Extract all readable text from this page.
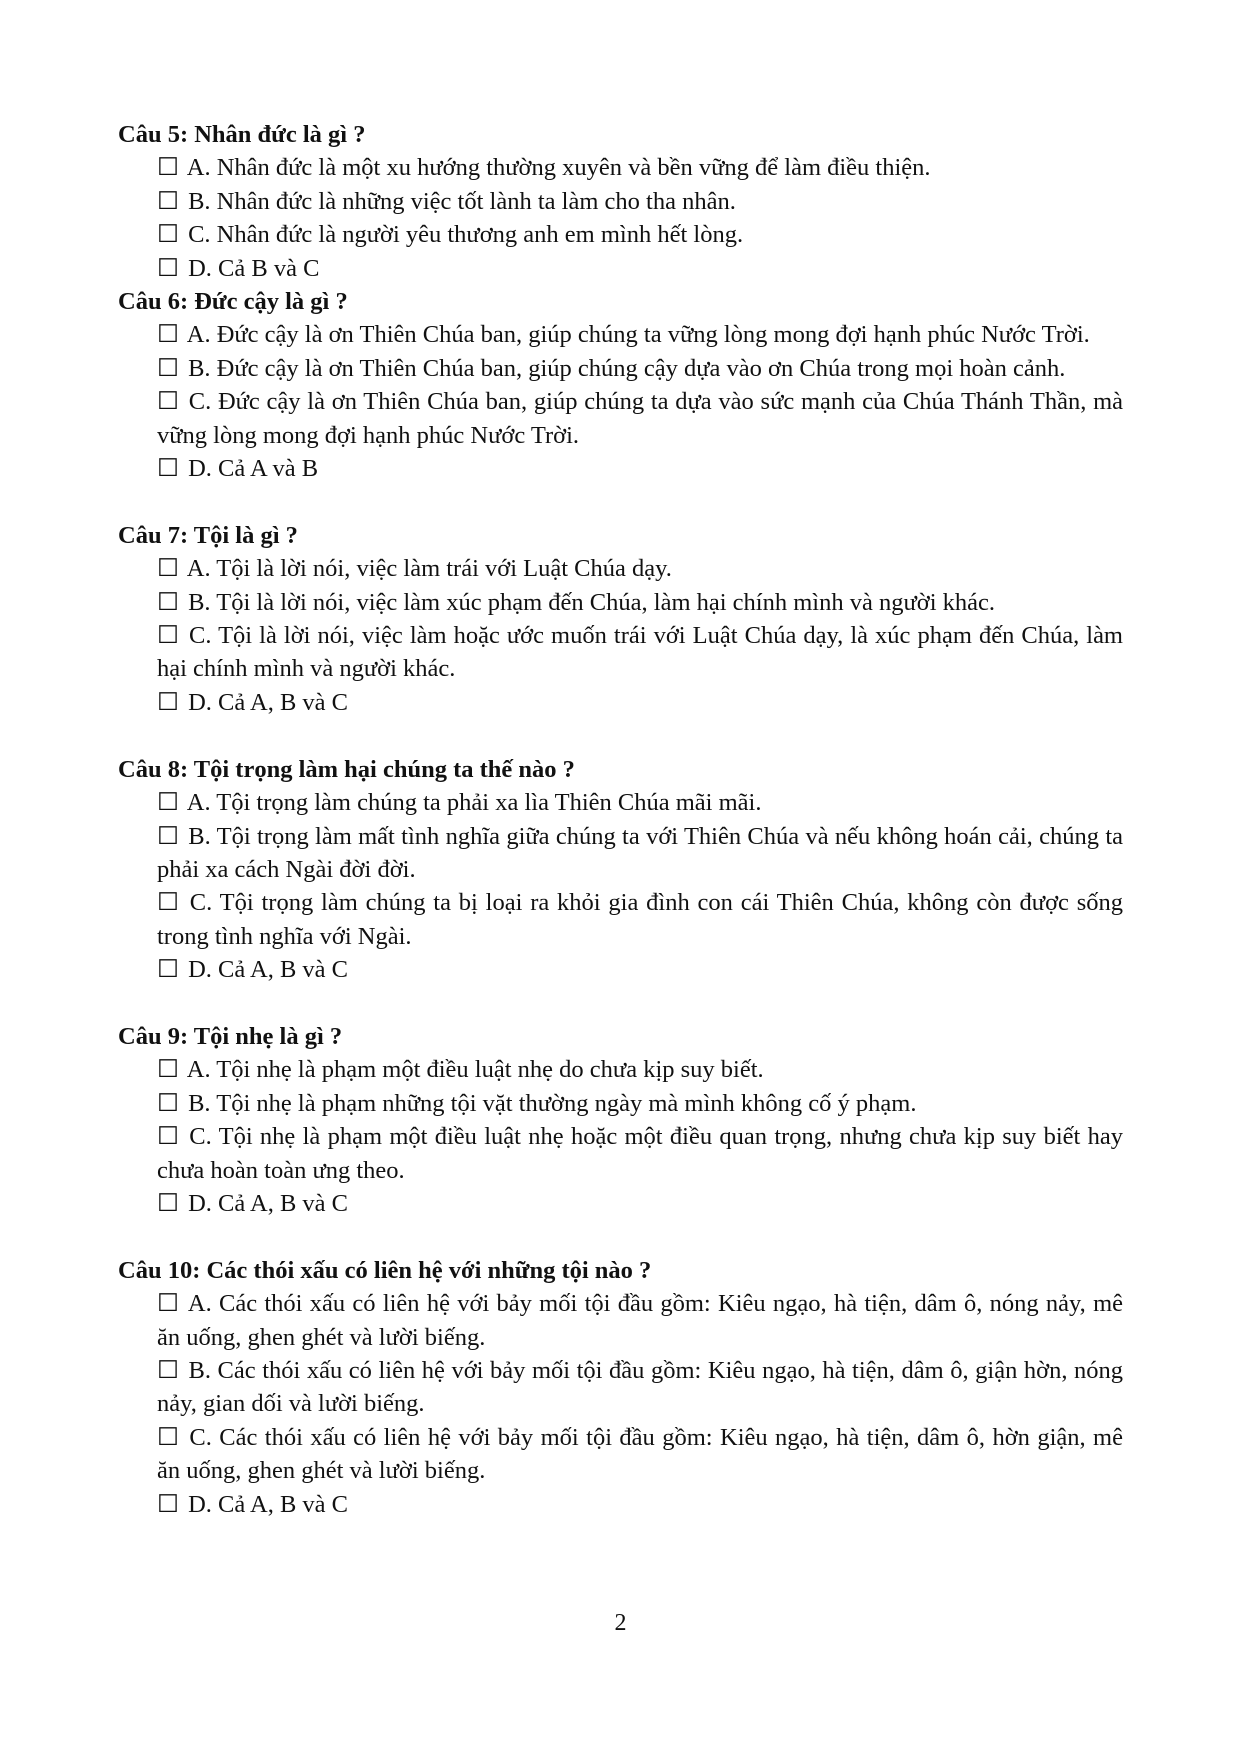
Câu 5: Nhân đức là gì ?

☐ A. Nhân đức là một xu hướng thường xuyên và bền vững để làm điều thiện.

☐ B. Nhân đức là những việc tốt lành ta làm cho tha nhân.

☐ C. Nhân đức là người yêu thương anh em mình hết lòng.

☐ D. Cả B và C

Câu 6: Đức cậy là gì ?

☐ A. Đức cậy là ơn Thiên Chúa ban, giúp chúng ta vững lòng mong đợi hạnh phúc Nước Trời.

☐ B. Đức cậy là ơn Thiên Chúa ban, giúp chúng cậy dựa vào ơn Chúa trong mọi hoàn cảnh.

☐ C. Đức cậy là ơn Thiên Chúa ban, giúp chúng ta dựa vào sức mạnh của Chúa Thánh Thần, mà vững lòng mong đợi hạnh phúc Nước Trời.

☐ D. Cả A và B

Câu 7: Tội là gì ?

☐ A. Tội là lời nói, việc làm trái với Luật Chúa dạy.

☐ B. Tội là lời nói, việc làm xúc phạm đến Chúa, làm hại chính mình và người khác.

☐ C. Tội là lời nói, việc làm hoặc ước muốn trái với Luật Chúa dạy, là xúc phạm đến Chúa, làm hại chính mình và người khác.

☐ D. Cả A, B và C

Câu 8: Tội trọng làm hại chúng ta thế nào ?

☐ A. Tội trọng làm chúng ta phải xa lìa Thiên Chúa mãi mãi.

☐ B. Tội trọng làm mất tình nghĩa giữa chúng ta với Thiên Chúa và nếu không hoán cải, chúng ta phải xa cách Ngài đời đời.

☐ C. Tội trọng làm chúng ta bị loại ra khỏi gia đình con cái Thiên Chúa, không còn được sống trong tình nghĩa với Ngài.

☐ D. Cả A, B và C

Câu 9: Tội nhẹ là gì ?

☐ A. Tội nhẹ là phạm một điều luật nhẹ do chưa kịp suy biết.

☐ B. Tội nhẹ là phạm những tội vặt thường ngày mà mình không cố ý phạm.

☐ C. Tội nhẹ là phạm một điều luật nhẹ hoặc một điều quan trọng, nhưng chưa kịp suy biết hay chưa hoàn toàn ưng theo.

☐ D. Cả A, B và C

Câu 10: Các thói xấu có liên hệ với những tội nào ?

☐ A. Các thói xấu có liên hệ với bảy mối tội đầu gồm: Kiêu ngạo, hà tiện, dâm ô, nóng nảy, mê ăn uống, ghen ghét và lười biếng.

☐ B. Các thói xấu có liên hệ với bảy mối tội đầu gồm: Kiêu ngạo, hà tiện, dâm ô, giận hờn, nóng nảy, gian dối và lười biếng.

☐ C. Các thói xấu có liên hệ với bảy mối tội đầu gồm: Kiêu ngạo, hà tiện, dâm ô, hờn giận, mê ăn uống, ghen ghét và lười biếng.

☐ D. Cả A, B và C

2
